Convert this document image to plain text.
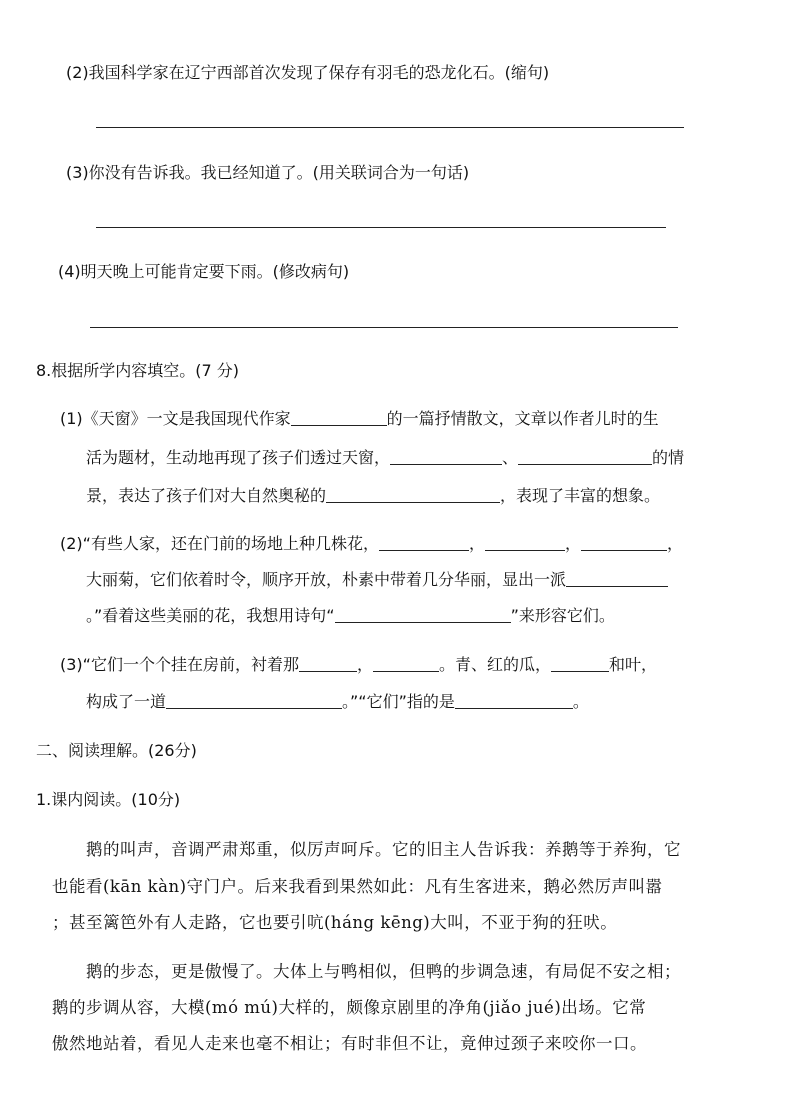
(2)我国科学家在辽宁西部首次发现了保存有羽毛的恐龙化石。(缩句)
(3)你没有告诉我。我已经知道了。(用关联词合为一句话)
(4)明天晚上可能肯定要下雨。(修改病句)
8.根据所学内容填空。(7 分)
(1)《天窗》一文是我国现代作家	的一篇抒情散文，文章以作者儿时的生
活为题材，生动地再现了孩子们透过天窗，	、	的情
景，表达了孩子们对大自然奥秘的	，表现了丰富的想象。
(2)“有些人家，还在门前的场地上种几株花，	，	，	，
大丽菊，它们依着时令，顺序开放，朴素中带着几分华丽，显出一派
。”看着这些美丽的花，我想用诗句“	”来形容它们。
(3)“它们一个个挂在房前，衬着那	，	。青、红的瓜，	和叶，
构成了一道	。”“它们”指的是	。
二、阅读理解。(26分)
1.课内阅读。(10分)
鹅的叫声，音调严肃郑重，似厉声呵斥。它的旧主人告诉我：养鹅等于养狗，它
也能看(kān kàn)守门户。后来我看到果然如此：凡有生客进来，鹅必然厉声叫嚣
；甚至篱笆外有人走路，它也要引吭(háng kēng)大叫，不亚于狗的狂吠。
鹅的步态，更是傲慢了。大体上与鸭相似，但鸭的步调急速，有局促不安之相；
鹅的步调从容，大模(mó mú)大样的，颇像京剧里的净角(jiǎo jué)出场。它常
傲然地站着，看见人走来也毫不相让；有时非但不让，竟伸过颈子来咬你一口。
